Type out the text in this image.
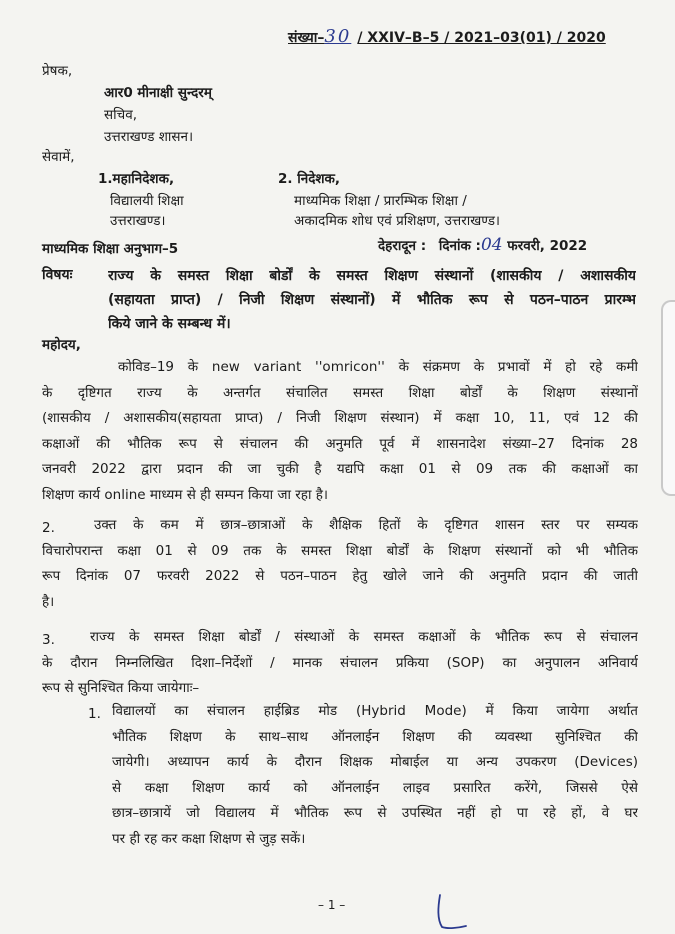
संख्या–30 / XXIV–B–5 / 2021–03(01) / 2020
प्रेषक,
आर0 मीनाक्षी सुन्दरम्
सचिव,
उत्तराखण्ड शासन।
सेवामें,
1.महानिदेशक,
विद्यालयी शिक्षा
उत्तराखण्ड।
2. निदेशक,
माध्यमिक शिक्षा / प्रारम्भिक शिक्षा /
अकादमिक शोध एवं प्रशिक्षण, उत्तराखण्ड।
माध्यमिक शिक्षा अनुभाग–5	देहरादून : दिनांक :04 फरवरी, 2022
विषयः	राज्य के समस्त शिक्षा बोर्डों के समस्त शिक्षण संस्थानों (शासकीय / अशासकीय
(सहायता प्राप्त) / निजी शिक्षण संस्थानों) में भौतिक रूप से पठन–पाठन प्रारम्भ
किये जाने के सम्बन्ध में।
महोदय,
कोविड–19 के new variant ''omricon'' के संक्रमण के प्रभावों में हो रहे कमी
के दृष्टिगत राज्य के अन्तर्गत संचालित समस्त शिक्षा बोर्डों के शिक्षण संस्थानों
(शासकीय / अशासकीय(सहायता प्राप्त) / निजी शिक्षण संस्थान) में कक्षा 10, 11, एवं 12 की
कक्षाओं की भौतिक रूप से संचालन की अनुमति पूर्व में शासनादेश संख्या–27 दिनांक 28
जनवरी 2022 द्वारा प्रदान की जा चुकी है यद्यपि कक्षा 01 से 09 तक की कक्षाओं का
शिक्षण कार्य online माध्यम से ही सम्पन किया जा रहा है।
2.	उक्त के कम में छात्र–छात्राओं के शैक्षिक हितों के दृष्टिगत शासन स्तर पर सम्यक
विचारोपरान्त कक्षा 01 से 09 तक के समस्त शिक्षा बोर्डों के शिक्षण संस्थानों को भी भौतिक
रूप दिनांक 07 फरवरी 2022 से पठन–पाठन हेतु खोले जाने की अनुमति प्रदान की जाती
है।
3.	राज्य के समस्त शिक्षा बोर्डों / संस्थाओं के समस्त कक्षाओं के भौतिक रूप से संचालन
के दौरान निम्नलिखित दिशा–निर्देशों / मानक संचालन प्रकिया (SOP) का अनुपालन अनिवार्य
रूप से सुनिश्चित किया जायेगाः–
1. विद्यालयों का संचालन हाईब्रिड मोड (Hybrid Mode) में किया जायेगा अर्थात
भौतिक शिक्षण के साथ–साथ ऑनलाईन शिक्षण की व्यवस्था सुनिश्चित की
जायेगी। अध्यापन कार्य के दौरान शिक्षक मोबाईल या अन्य उपकरण (Devices)
से कक्षा शिक्षण कार्य को ऑनलाईन लाइव प्रसारित करेंगे, जिससे ऐसे
छात्र–छात्रायें जो विद्यालय में भौतिक रूप से उपस्थित नहीं हो पा रहे हों, वे घर
पर ही रह कर कक्षा शिक्षण से जुड़ सकें।
– 1 –
